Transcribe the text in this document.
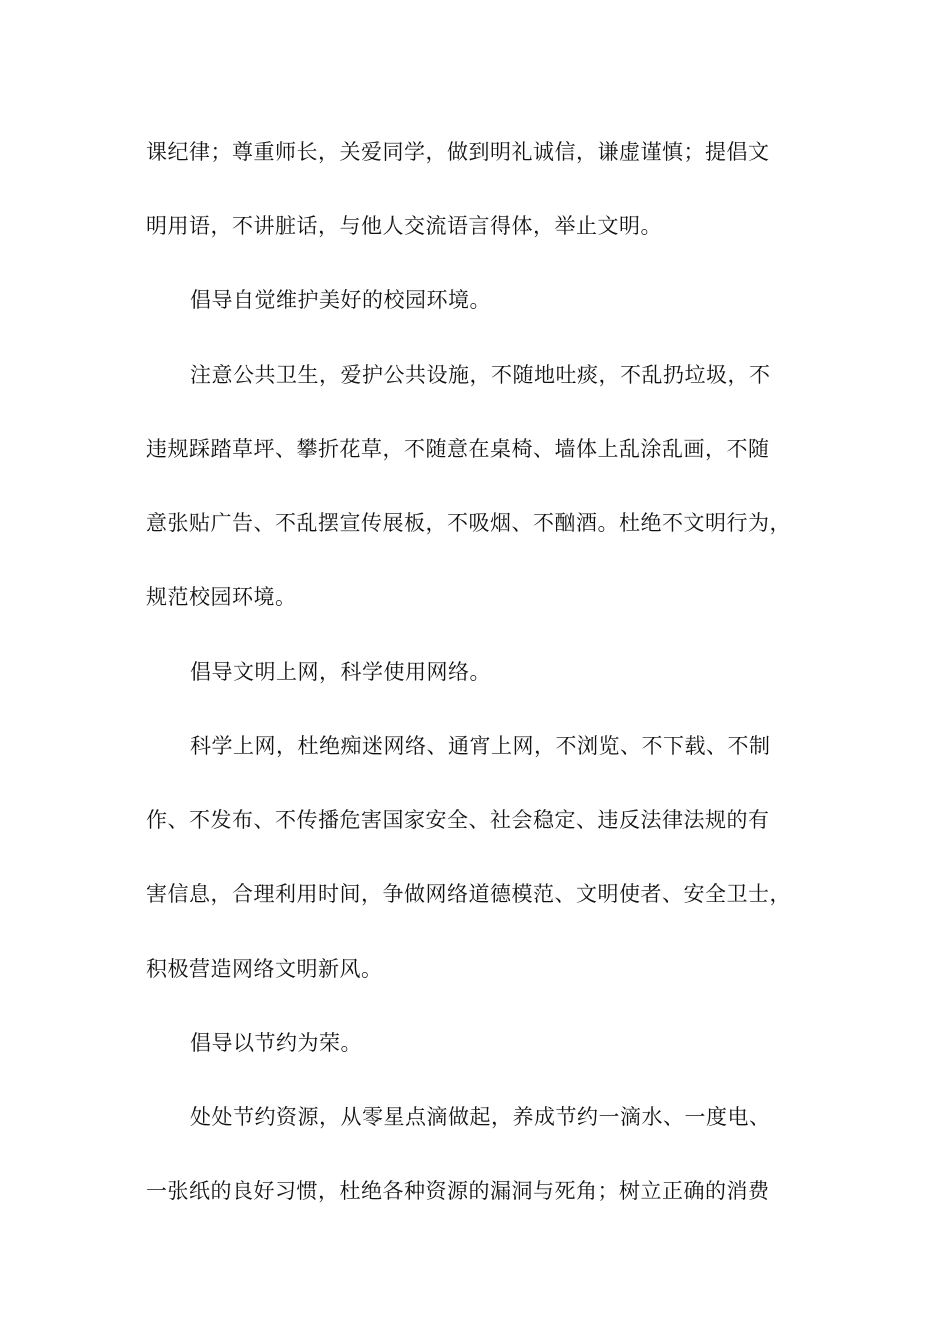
课纪律；尊重师长，关爱同学，做到明礼诚信，谦虚谨慎；提倡文
明用语，不讲脏话，与他人交流语言得体，举止文明。
倡导自觉维护美好的校园环境。
注意公共卫生，爱护公共设施，不随地吐痰，不乱扔垃圾，不
违规踩踏草坪、攀折花草，不随意在桌椅、墙体上乱涂乱画，不随
意张贴广告、不乱摆宣传展板，不吸烟、不酗酒。杜绝不文明行为，
规范校园环境。
倡导文明上网，科学使用网络。
科学上网，杜绝痴迷网络、通宵上网，不浏览、不下载、不制
作、不发布、不传播危害国家安全、社会稳定、违反法律法规的有
害信息，合理利用时间，争做网络道德模范、文明使者、安全卫士，
积极营造网络文明新风。
倡导以节约为荣。
处处节约资源，从零星点滴做起，养成节约一滴水、一度电、
一张纸的良好习惯，杜绝各种资源的漏洞与死角；树立正确的消费
